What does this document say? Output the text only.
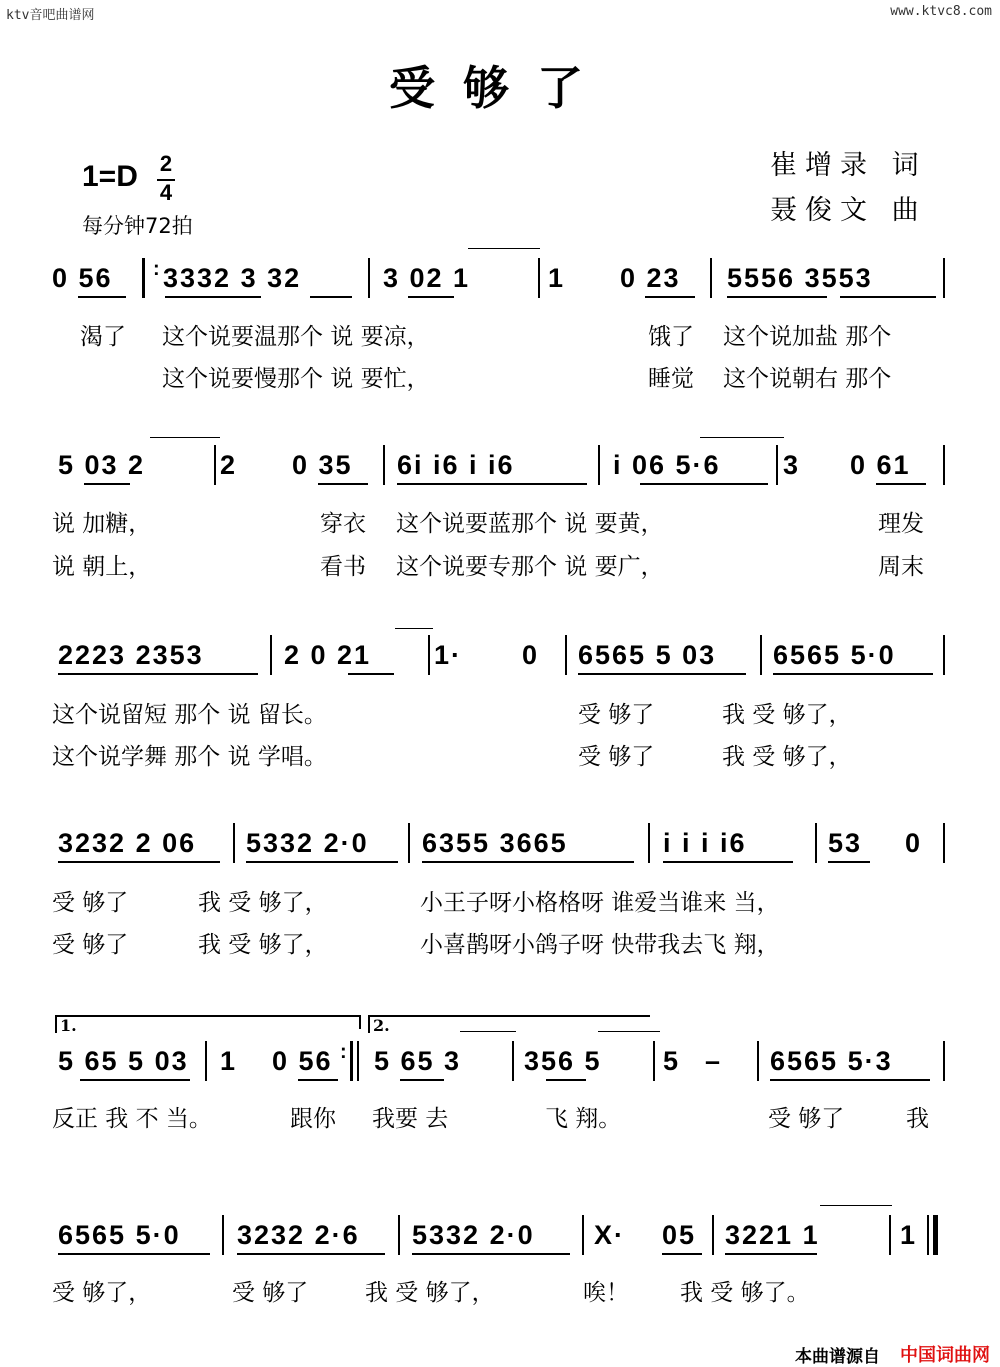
ktv音吧曲谱网	www.ktvc8.com
受够了
崔增录 词
聂俊文 曲
1=D 2
4
每分钟72拍
0 56 : 3332 3 32	3 02 1	1 0 23 5556 3553
渴了 这个说要温那个 说 要凉，	饿了 这个说加盐 那个
这个说要慢那个 说 要忙，	睡觉 这个说朝右 那个
5 03 2	2 0 35 6i i6 i i6	i 06 5·6 3 0 61
说 加糖，	穿衣 这个说要蓝那个 说 要黄，	理发
说 朝上，	看书 这个说要专那个 说 要广，	周末
2223 2353	2 0 21 1· 0 6565 5 03 6565 5·0
这个说留短 那个 说 留长。	受 够了	我 受 够了，
这个说学舞 那个 说 学唱。	受 够了	我 受 够了，
3232 2 06 5332 2·0 6355 3665	i i i i6	53 0
受 够了	我 受 够了，	小王子呀小格格呀 谁爱当谁来 当，
受 够了	我 受 够了，	小喜鹊呀小鸽子呀 快带我去飞 翔，
1.	2.
5 65 5 03 1 0 56 : 5 65 3 356 5 5 – 6565 5·3
反正 我 不 当。	跟你 我要 去	飞 翔。	受 够了	我
6565 5·0 3232 2·6 5332 2·0 X· 05 3221 1	1
受 够了，	受 够了 我 受 够了，	唉！ 我 受 够了。
本曲谱源自 中国词曲网
